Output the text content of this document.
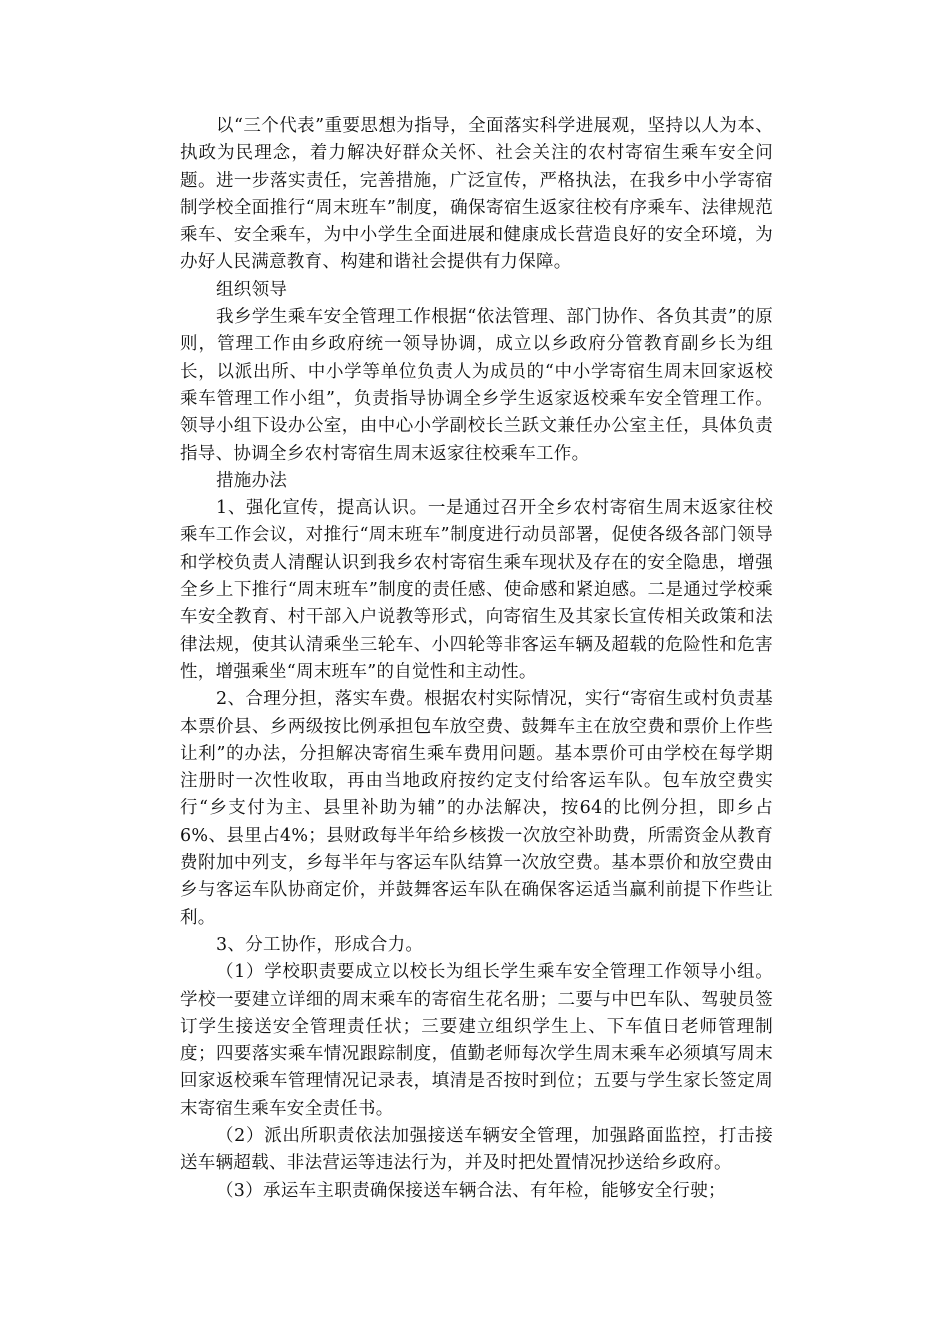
以“三个代表”重要思想为指导，全面落实科学进展观，坚持以人为本、执政为民理念，着力解决好群众关怀、社会关注的农村寄宿生乘车安全问题。进一步落实责任，完善措施，广泛宣传，严格执法，在我乡中小学寄宿制学校全面推行“周末班车”制度，确保寄宿生返家往校有序乘车、法律规范乘车、安全乘车，为中小学生全面进展和健康成长营造良好的安全环境，为办好人民满意教育、构建和谐社会提供有力保障。

组织领导

我乡学生乘车安全管理工作根据“依法管理、部门协作、各负其责”的原则，管理工作由乡政府统一领导协调，成立以乡政府分管教育副乡长为组长，以派出所、中小学等单位负责人为成员的“中小学寄宿生周末回家返校乘车管理工作小组”，负责指导协调全乡学生返家返校乘车安全管理工作。领导小组下设办公室，由中心小学副校长兰跃文兼任办公室主任，具体负责指导、协调全乡农村寄宿生周末返家往校乘车工作。

措施办法

1、强化宣传，提高认识。一是通过召开全乡农村寄宿生周末返家往校乘车工作会议，对推行“周末班车”制度进行动员部署，促使各级各部门领导和学校负责人清醒认识到我乡农村寄宿生乘车现状及存在的安全隐患，增强全乡上下推行“周末班车”制度的责任感、使命感和紧迫感。二是通过学校乘车安全教育、村干部入户说教等形式，向寄宿生及其家长宣传相关政策和法律法规，使其认清乘坐三轮车、小四轮等非客运车辆及超载的危险性和危害性，增强乘坐“周末班车”的自觉性和主动性。

2、合理分担，落实车费。根据农村实际情况，实行“寄宿生或村负责基本票价县、乡两级按比例承担包车放空费、鼓舞车主在放空费和票价上作些让利”的办法，分担解决寄宿生乘车费用问题。基本票价可由学校在每学期注册时一次性收取，再由当地政府按约定支付给客运车队。包车放空费实行“乡支付为主、县里补助为辅”的办法解决，按64的比例分担，即乡占6%、县里占4%；县财政每半年给乡核拨一次放空补助费，所需资金从教育费附加中列支，乡每半年与客运车队结算一次放空费。基本票价和放空费由乡与客运车队协商定价，并鼓舞客运车队在确保客运适当赢利前提下作些让利。

3、分工协作，形成合力。

（1）学校职责要成立以校长为组长学生乘车安全管理工作领导小组。学校一要建立详细的周末乘车的寄宿生花名册；二要与中巴车队、驾驶员签订学生接送安全管理责任状；三要建立组织学生上、下车值日老师管理制度；四要落实乘车情况跟踪制度，值勤老师每次学生周末乘车必须填写周末回家返校乘车管理情况记录表，填清是否按时到位；五要与学生家长签定周末寄宿生乘车安全责任书。

（2）派出所职责依法加强接送车辆安全管理，加强路面监控，打击接送车辆超载、非法营运等违法行为，并及时把处置情况抄送给乡政府。

（3）承运车主职责确保接送车辆合法、有年检，能够安全行驶；
